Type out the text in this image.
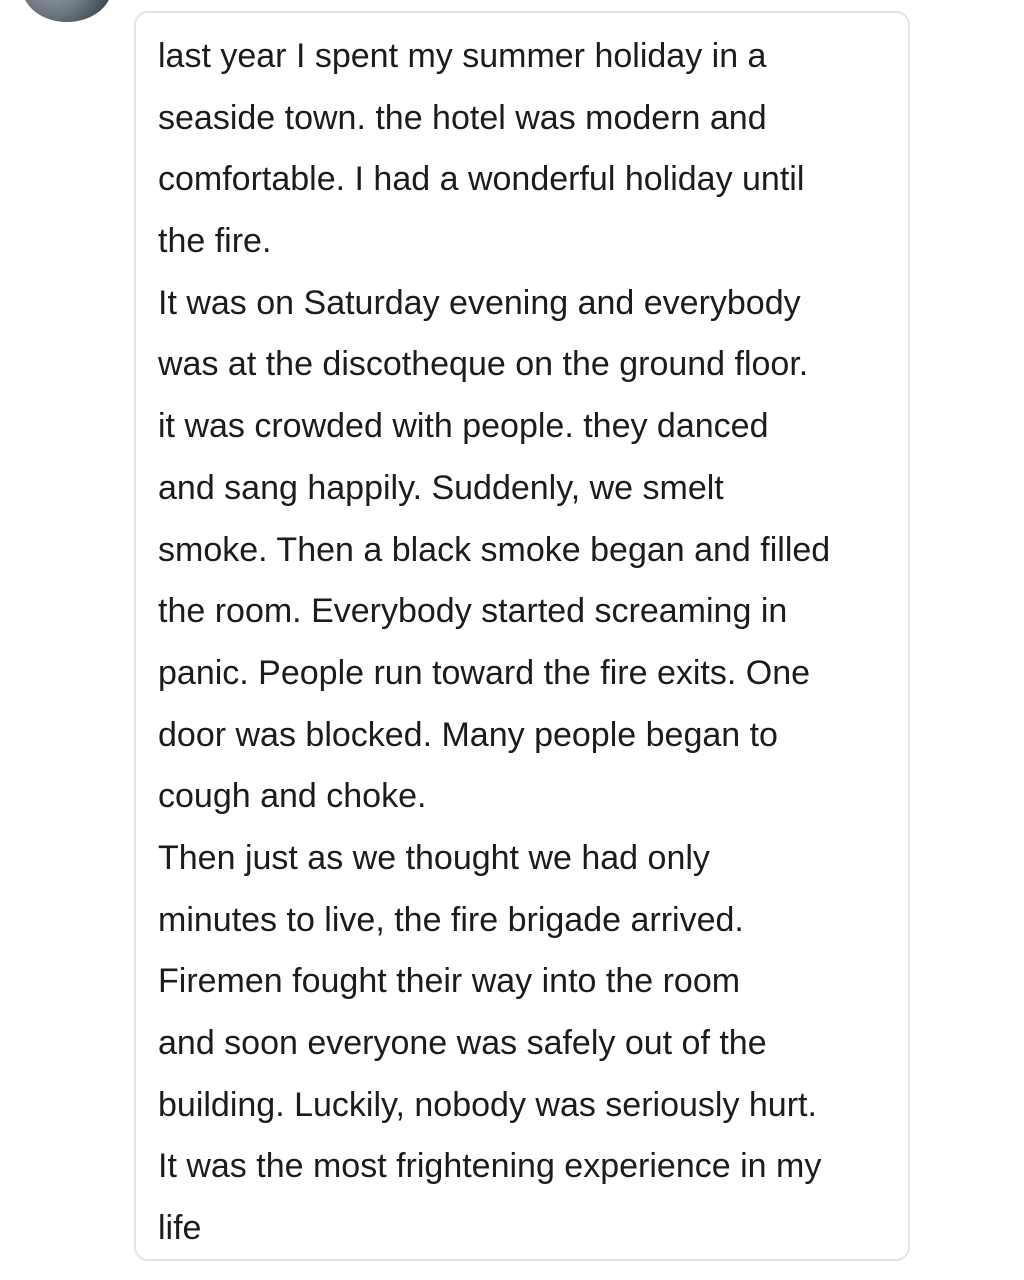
last year I spent my summer holiday in a
seaside town. the hotel was modern and
comfortable. I had a wonderful holiday until
the fire.
It was on Saturday evening and everybody
was at the discotheque on the ground floor.
it was crowded with people. they danced
and sang happily. Suddenly, we smelt
smoke. Then a black smoke began and filled
the room. Everybody started screaming in
panic. People run toward the fire exits. One
door was blocked. Many people began to
cough and choke.
Then just as we thought we had only
minutes to live, the fire brigade arrived.
Firemen fought their way into the room
and soon everyone was safely out of the
building. Luckily, nobody was seriously hurt.
It was the most frightening experience in my
life
